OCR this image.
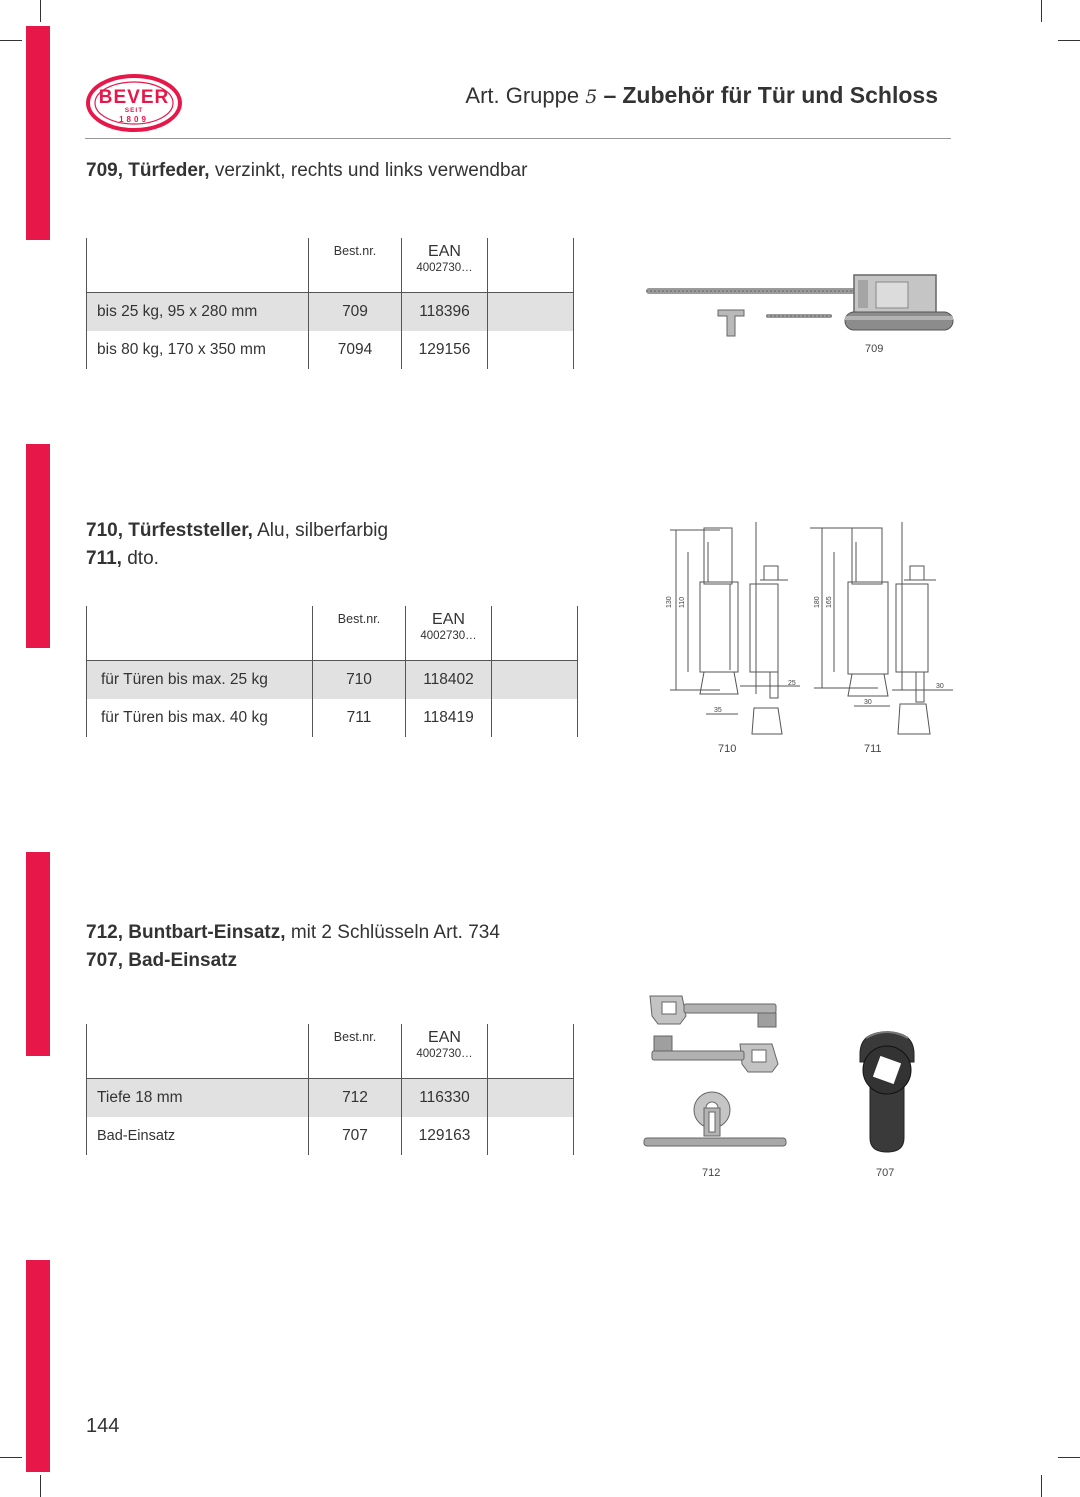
BEVER
SEIT
1809
Art. Gruppe 5 – Zubehör für Tür und Schloss
709, Türfeder, verzinkt, rechts und links verwendbar
	Best.nr.	EAN
4002730…	

bis 25 kg, 95 x 280 mm	709	118396	
bis 80 kg, 170 x 350 mm	7094	129156		709
710, Türfeststeller, Alu, silberfarbig
711, dto.
	Best.nr.	EAN
4002730…	

für Türen bis max. 25 kg	710	118402	
für Türen bis max. 40 kg	711	118419	
130 110
35
25
710
180 165
30
30
711
712, Buntbart-Einsatz, mit 2 Schlüsseln Art. 734
707, Bad-Einsatz
	Best.nr.	EAN
4002730…	

Tiefe 18 mm	712	116330	
Bad-Einsatz	707	129163	
712	707
144
